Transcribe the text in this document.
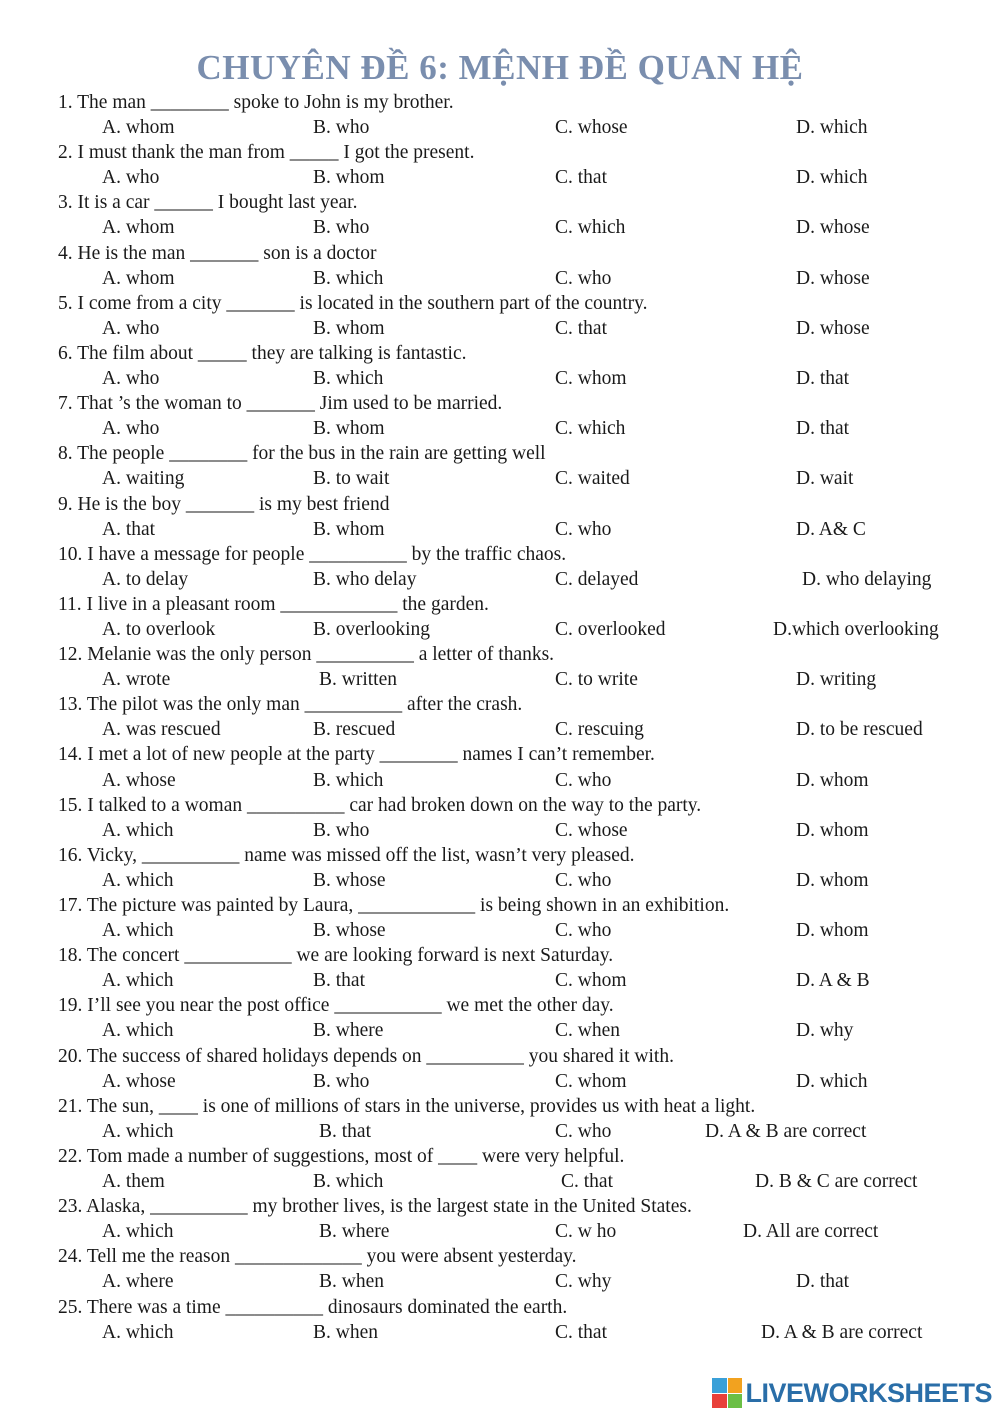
CHUYÊN ĐỀ 6: MỆNH ĐỀ QUAN HỆ
1. The man ________ spoke to John is my brother.
A. whom	B. who	C. whose	D. which
2. I must thank the man from _____ I got the present.
A. who	B. whom	C. that	D. which
3. It is a car ______ I bought last year.
A. whom	B. who	C. which	D. whose
4. He is the man _______ son is a doctor
A. whom	B. which	C. who	D. whose
5. I come from a city _______ is located in the southern part of the country.
A. who	B. whom	C. that	D. whose
6. The film about _____ they are talking is fantastic.
A. who	B. which	C. whom	D. that
7. That ’s the woman to _______ Jim used to be married.
A. who	B. whom	C. which	D. that
8. The people ________ for the bus in the rain are getting well
A. waiting	B. to wait	C. waited	D. wait
9. He is the boy _______ is my best friend
A. that	B. whom	C. who	D. A& C
10. I have a message for people __________ by the traffic chaos.
A. to delay	B. who delay	C. delayed	D. who delaying
11. I live in a pleasant room ____________ the garden.
A. to overlook	B. overlooking	C. overlooked	D.which overlooking
12. Melanie was the only person __________ a letter of thanks.
A. wrote	B. written	C. to write	D. writing
13. The pilot was the only man __________ after the crash.
A. was rescued	B. rescued	C. rescuing	D. to be rescued
14. I met a lot of new people at the party ________ names I can’t remember.
A. whose	B. which	C. who	D. whom
15. I talked to a woman __________ car had broken down on the way to the party.
A. which	B. who	C. whose	D. whom
16. Vicky, __________ name was missed off the list, wasn’t very pleased.
A. which	B. whose	C. who	D. whom
17. The picture was painted by Laura, ____________ is being shown in an exhibition.
A. which	B. whose	C. who	D. whom
18. The concert ___________ we are looking forward is next Saturday.
A. which	B. that	C. whom	D. A & B
19. I’ll see you near the post office ___________ we met the other day.
A. which	B. where	C. when	D. why
20. The success of shared holidays depends on __________ you shared it with.
A. whose	B. who	C. whom	D. which
21. The sun, ____ is one of millions of stars in the universe, provides us with heat a light.
A. which	B. that	C. who	D. A & B are correct
22. Tom made a number of suggestions, most of ____ were very helpful.
A. them	B. which	C. that	D. B & C are correct
23. Alaska, __________ my brother lives, is the largest state in the United States.
A. which	B. where	C. w ho	D. All are correct
24. Tell me the reason _____________ you were absent yesterday.
A. where	B. when	C. why	D. that
25. There was a time __________ dinosaurs dominated the earth.
A. which	B. when	C. that	D. A & B are correct
LIVEWORKSHEETS
